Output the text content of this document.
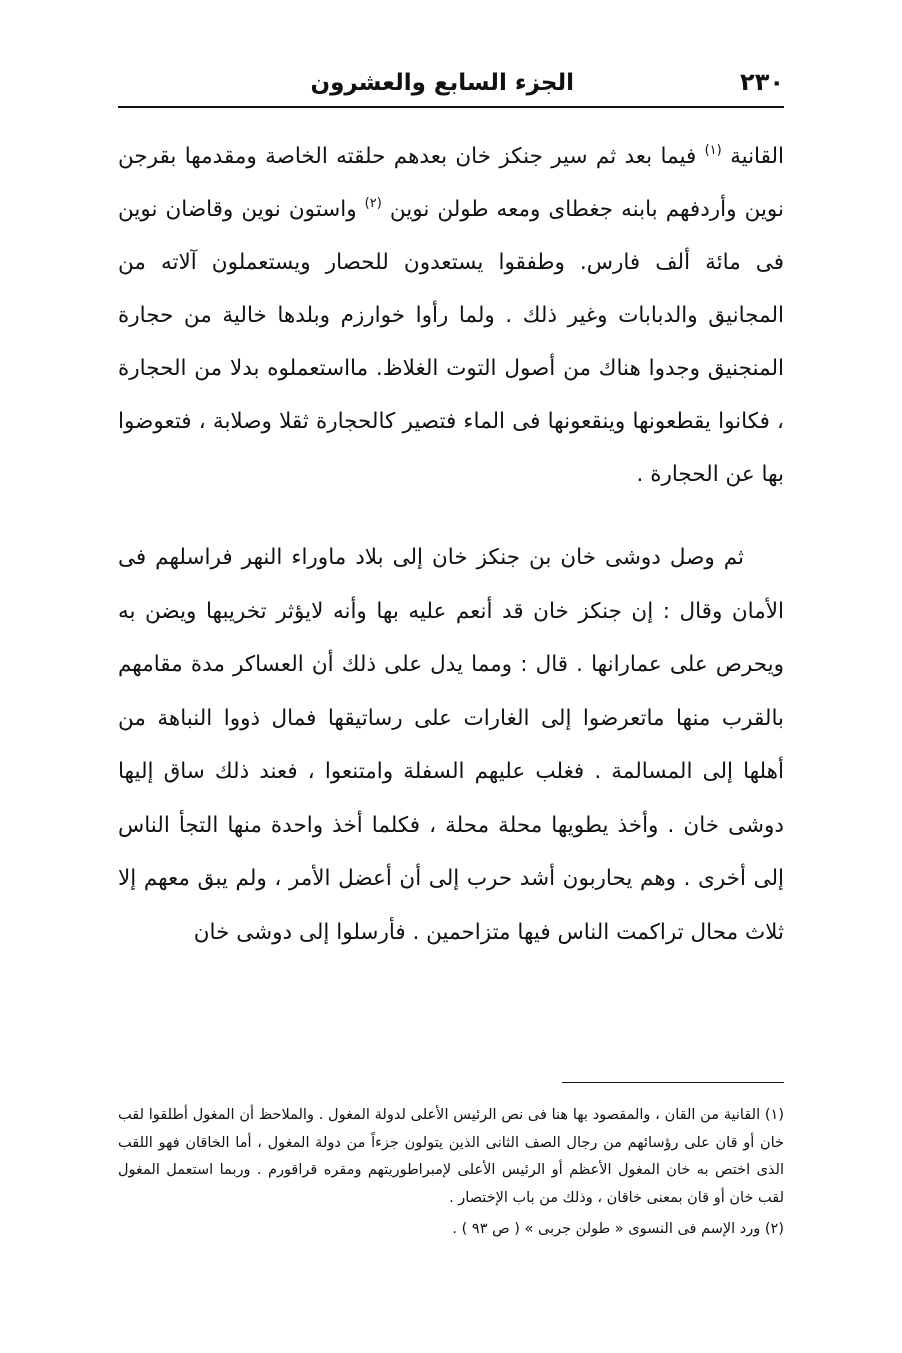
٢٣٠
الجزء السابع والعشرون

القانية $^{(١)}$ فيما بعد ثم سير جنكز خان بعدهم حلقته الخاصة ومقدمها بقرجن نوين وأردفهم بابنه جغطاى ومعه طولن نوين $^{(٢)}$ واستون نوين وقاضان نوين فى مائة ألف فارس. وطفقوا يستعدون للحصار ويستعملون آلاته من المجانيق والدبابات وغير ذلك . ولما رأوا خوارزم وبلدها خالية من حجارة المنجنيق وجدوا هناك من أصول التوت الغلاظ. مااستعملوه بدلا من الحجارة ، فكانوا يقطعونها وينقعونها فى الماء فتصير كالحجارة ثقلا وصلابة ، فتعوضوا بها عن الحجارة .

ثم وصل دوشى خان بن جنكز خان إلى بلاد ماوراء النهر فراسلهم فى الأمان وقال : إن جنكز خان قد أنعم عليه بها وأنه لايؤثر تخريبها ويضن به ويحرص على عمارانها . قال : ومما يدل على ذلك أن العساكر مدة مقامهم بالقرب منها ماتعرضوا إلى الغارات على رساتيقها فمال ذووا النباهة من أهلها إلى المسالمة . فغلب عليهم السفلة وامتنعوا ، فعند ذلك ساق إليها دوشى خان . وأخذ يطويها محلة محلة ، فكلما أخذ واحدة منها التجأ الناس إلى أخرى . وهم يحاربون أشد حرب إلى أن أعضل الأمر ، ولم يبق معهم إلا ثلاث محال تراكمت الناس فيها متزاحمين . فأرسلوا إلى دوشى خان

(١) القانية من القان ، والمقصود بها هنا فى نص الرئيس الأعلى لدولة المغول . والملاحظ أن المغول أطلقوا لقب خان أو قان على رؤسائهم من رجال الصف الثانى الذين يتولون جزءاً من دولة المغول ، أما الخاقان فهو اللقب الذى اختص به خان المغول الأعظم أو الرئيس الأعلى لإمبراطوريتهم ومقره قراقورم . وربما استعمل المغول لقب خان أو قان بمعنى خاقان ، وذلك من باب الإختصار .

(٢) ورد الإسم فى النسوى « طولن جربى » ( ص ٩٣ ) .
